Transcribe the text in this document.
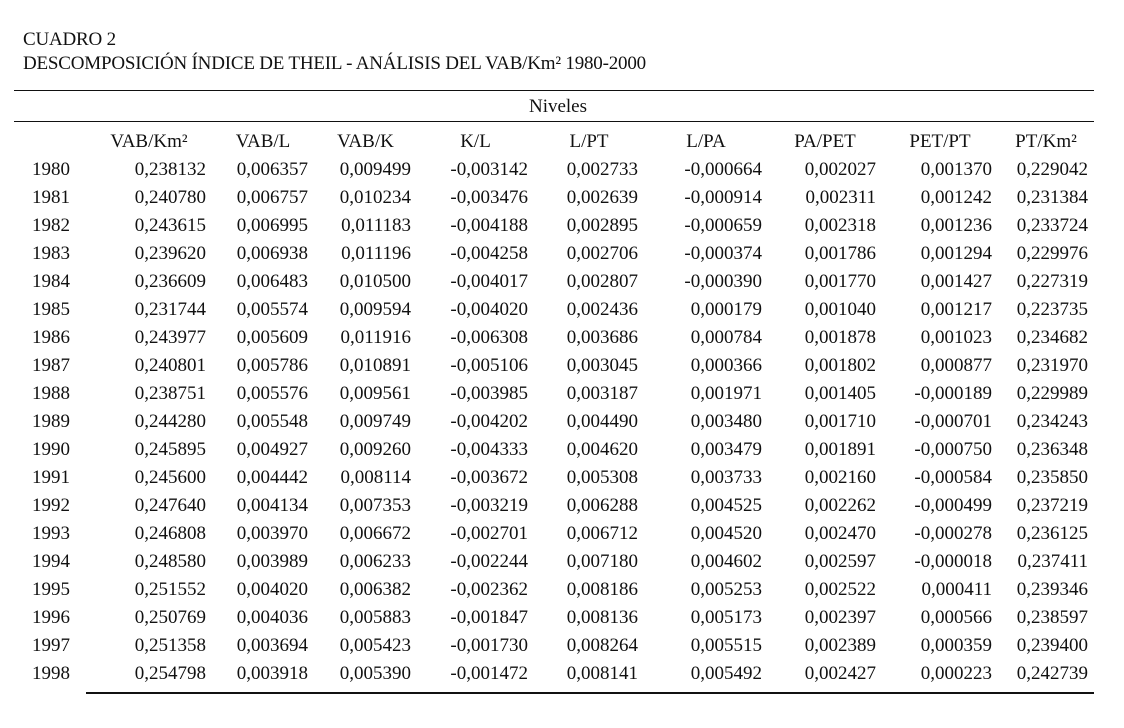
CUADRO 2
DESCOMPOSICIÓN ÍNDICE DE THEIL - ANÁLISIS DEL VAB/Km² 1980-2000
Niveles
	VAB/Km²	VAB/L	VAB/K	K/L	L/PT	L/PA	PA/PET	PET/PT	PT/Km²
1980	0,238132	0,006357	0,009499	-0,003142	0,002733	-0,000664	0,002027	0,001370	0,229042
1981	0,240780	0,006757	0,010234	-0,003476	0,002639	-0,000914	0,002311	0,001242	0,231384
1982	0,243615	0,006995	0,011183	-0,004188	0,002895	-0,000659	0,002318	0,001236	0,233724
1983	0,239620	0,006938	0,011196	-0,004258	0,002706	-0,000374	0,001786	0,001294	0,229976
1984	0,236609	0,006483	0,010500	-0,004017	0,002807	-0,000390	0,001770	0,001427	0,227319
1985	0,231744	0,005574	0,009594	-0,004020	0,002436	0,000179	0,001040	0,001217	0,223735
1986	0,243977	0,005609	0,011916	-0,006308	0,003686	0,000784	0,001878	0,001023	0,234682
1987	0,240801	0,005786	0,010891	-0,005106	0,003045	0,000366	0,001802	0,000877	0,231970
1988	0,238751	0,005576	0,009561	-0,003985	0,003187	0,001971	0,001405	-0,000189	0,229989
1989	0,244280	0,005548	0,009749	-0,004202	0,004490	0,003480	0,001710	-0,000701	0,234243
1990	0,245895	0,004927	0,009260	-0,004333	0,004620	0,003479	0,001891	-0,000750	0,236348
1991	0,245600	0,004442	0,008114	-0,003672	0,005308	0,003733	0,002160	-0,000584	0,235850
1992	0,247640	0,004134	0,007353	-0,003219	0,006288	0,004525	0,002262	-0,000499	0,237219
1993	0,246808	0,003970	0,006672	-0,002701	0,006712	0,004520	0,002470	-0,000278	0,236125
1994	0,248580	0,003989	0,006233	-0,002244	0,007180	0,004602	0,002597	-0,000018	0,237411
1995	0,251552	0,004020	0,006382	-0,002362	0,008186	0,005253	0,002522	0,000411	0,239346
1996	0,250769	0,004036	0,005883	-0,001847	0,008136	0,005173	0,002397	0,000566	0,238597
1997	0,251358	0,003694	0,005423	-0,001730	0,008264	0,005515	0,002389	0,000359	0,239400
1998	0,254798	0,003918	0,005390	-0,001472	0,008141	0,005492	0,002427	0,000223	0,242739
